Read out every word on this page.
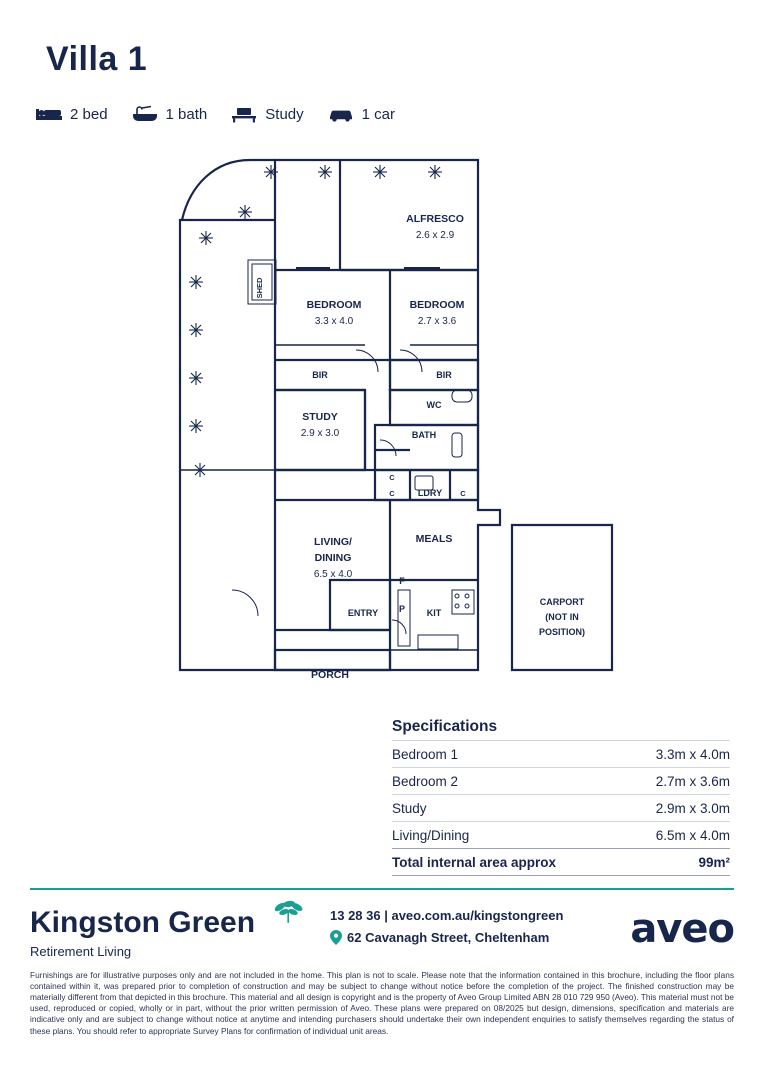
Villa 1
2 bed	1 bath	Study	1 car
ALFRESCO
2.6 x 2.9
SHED
BEDROOM
3.3 x 4.0
BEDROOM
2.7 x 3.6
BIR	BIR
WC
STUDY
2.9 x 3.0	BATH
C
C	LDRY C
LIVING/
DINING
6.5 x 4.0
MEALS
F
P KIT
ENTRY
PORCH
CARPORT
(NOT IN
POSITION)
Specifications
Bedroom 1	3.3m x 4.0m
Bedroom 2	2.7m x 3.6m
Study	2.9m x 3.0m
Living/Dining	6.5m x 4.0m
Total internal area approx	99m²
Kingston Green
Retirement Living
13 28 36 | aveo.com.au/kingstongreen
62 Cavanagh Street, Cheltenham aveo
Furnishings are for illustrative purposes only and are not included in the home. This plan is not to scale. Please note that the information contained in this brochure, including the floor plans contained within it, was prepared prior to completion of construction and may be subject to change without notice before the completion of the project. The finished construction may be materially different from that depicted in this brochure. This material and all design is copyright and is the property of Aveo Group Limited ABN 28 010 729 950 (Aveo). This material must not be used, reproduced or copied, wholly or in part, without the prior written permission of Aveo. These plans were prepared on 08/2025 but design, dimensions, specification and materials are indicative only and are subject to change without notice at anytime and intending purchasers should undertake their own independent enquiries to satisfy themselves regarding the status of these plans. You should refer to appropriate Survey Plans for confirmation of individual unit areas.
